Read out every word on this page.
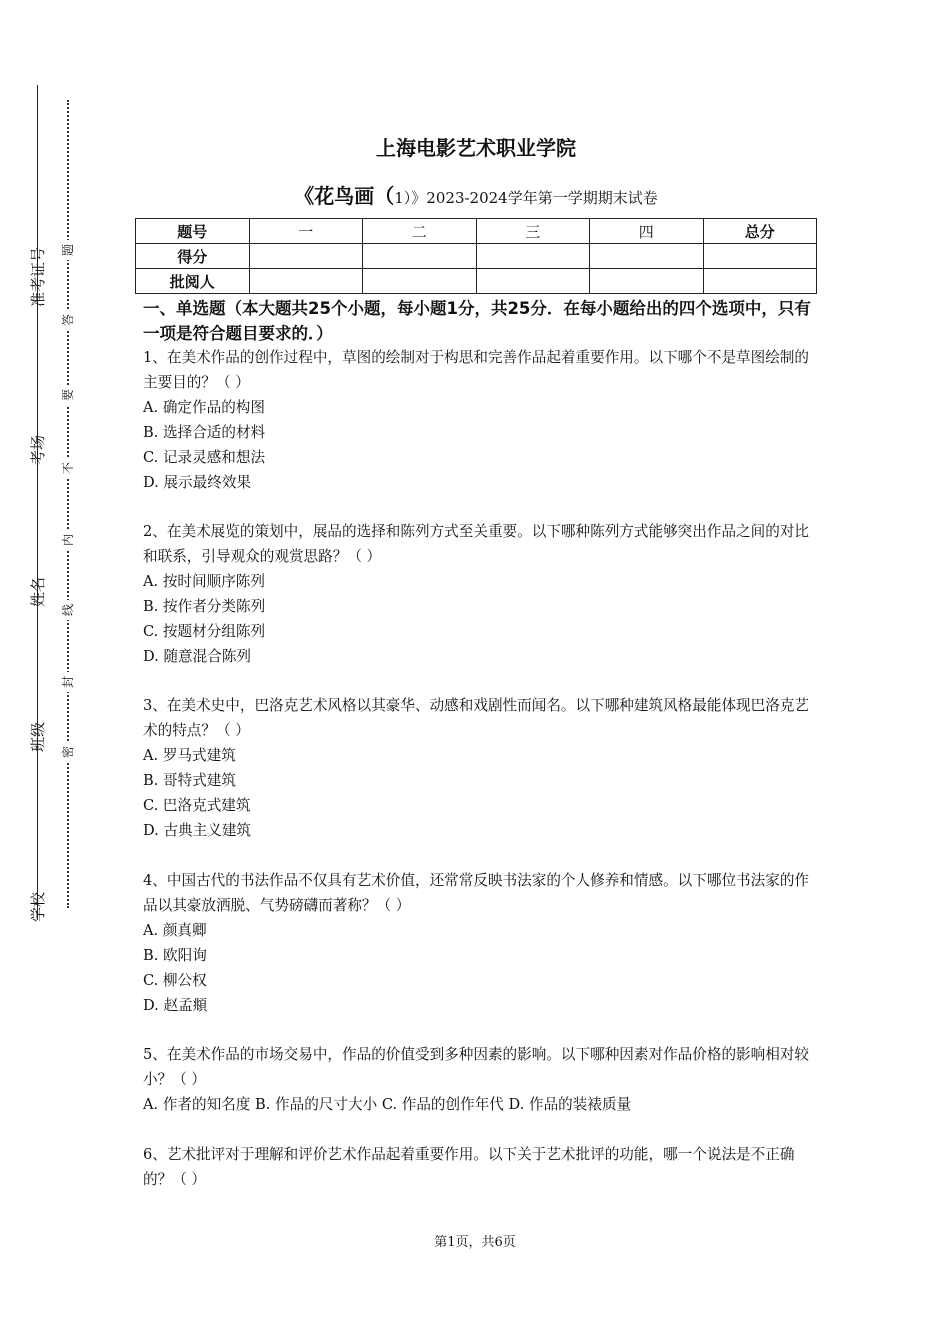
准考证号
考场
姓名
班级
学校
题
答
要
不
内
线
封
密
上海电影艺术职业学院
《花鸟画（1）》2023-2024学年第一学期期末试卷
题号	一	二	三	四	总分
得分					
批阅人					
一、单选题（本大题共25个小题，每小题1分，共25分．在每小题给出的四个选项中，只有一项是符合题目要求的．）
1、在美术作品的创作过程中，草图的绘制对于构思和完善作品起着重要作用。以下哪个不是草图绘制的主要目的？（ ）
A. 确定作品的构图
B. 选择合适的材料
C. 记录灵感和想法
D. 展示最终效果
2、在美术展览的策划中，展品的选择和陈列方式至关重要。以下哪种陈列方式能够突出作品之间的对比和联系，引导观众的观赏思路？（ ）
A. 按时间顺序陈列
B. 按作者分类陈列
C. 按题材分组陈列
D. 随意混合陈列
3、在美术史中，巴洛克艺术风格以其豪华、动感和戏剧性而闻名。以下哪种建筑风格最能体现巴洛克艺术的特点？（ ）
A. 罗马式建筑
B. 哥特式建筑
C. 巴洛克式建筑
D. 古典主义建筑
4、中国古代的书法作品不仅具有艺术价值，还常常反映书法家的个人修养和情感。以下哪位书法家的作品以其豪放洒脱、气势磅礴而著称？（ ）
A. 颜真卿
B. 欧阳询
C. 柳公权
D. 赵孟頫
5、在美术作品的市场交易中，作品的价值受到多种因素的影响。以下哪种因素对作品价格的影响相对较小？（ ）
A. 作者的知名度 B. 作品的尺寸大小 C. 作品的创作年代 D. 作品的装裱质量
6、艺术批评对于理解和评价艺术作品起着重要作用。以下关于艺术批评的功能，哪一个说法是不正确的？（ ）
第1页，共6页
